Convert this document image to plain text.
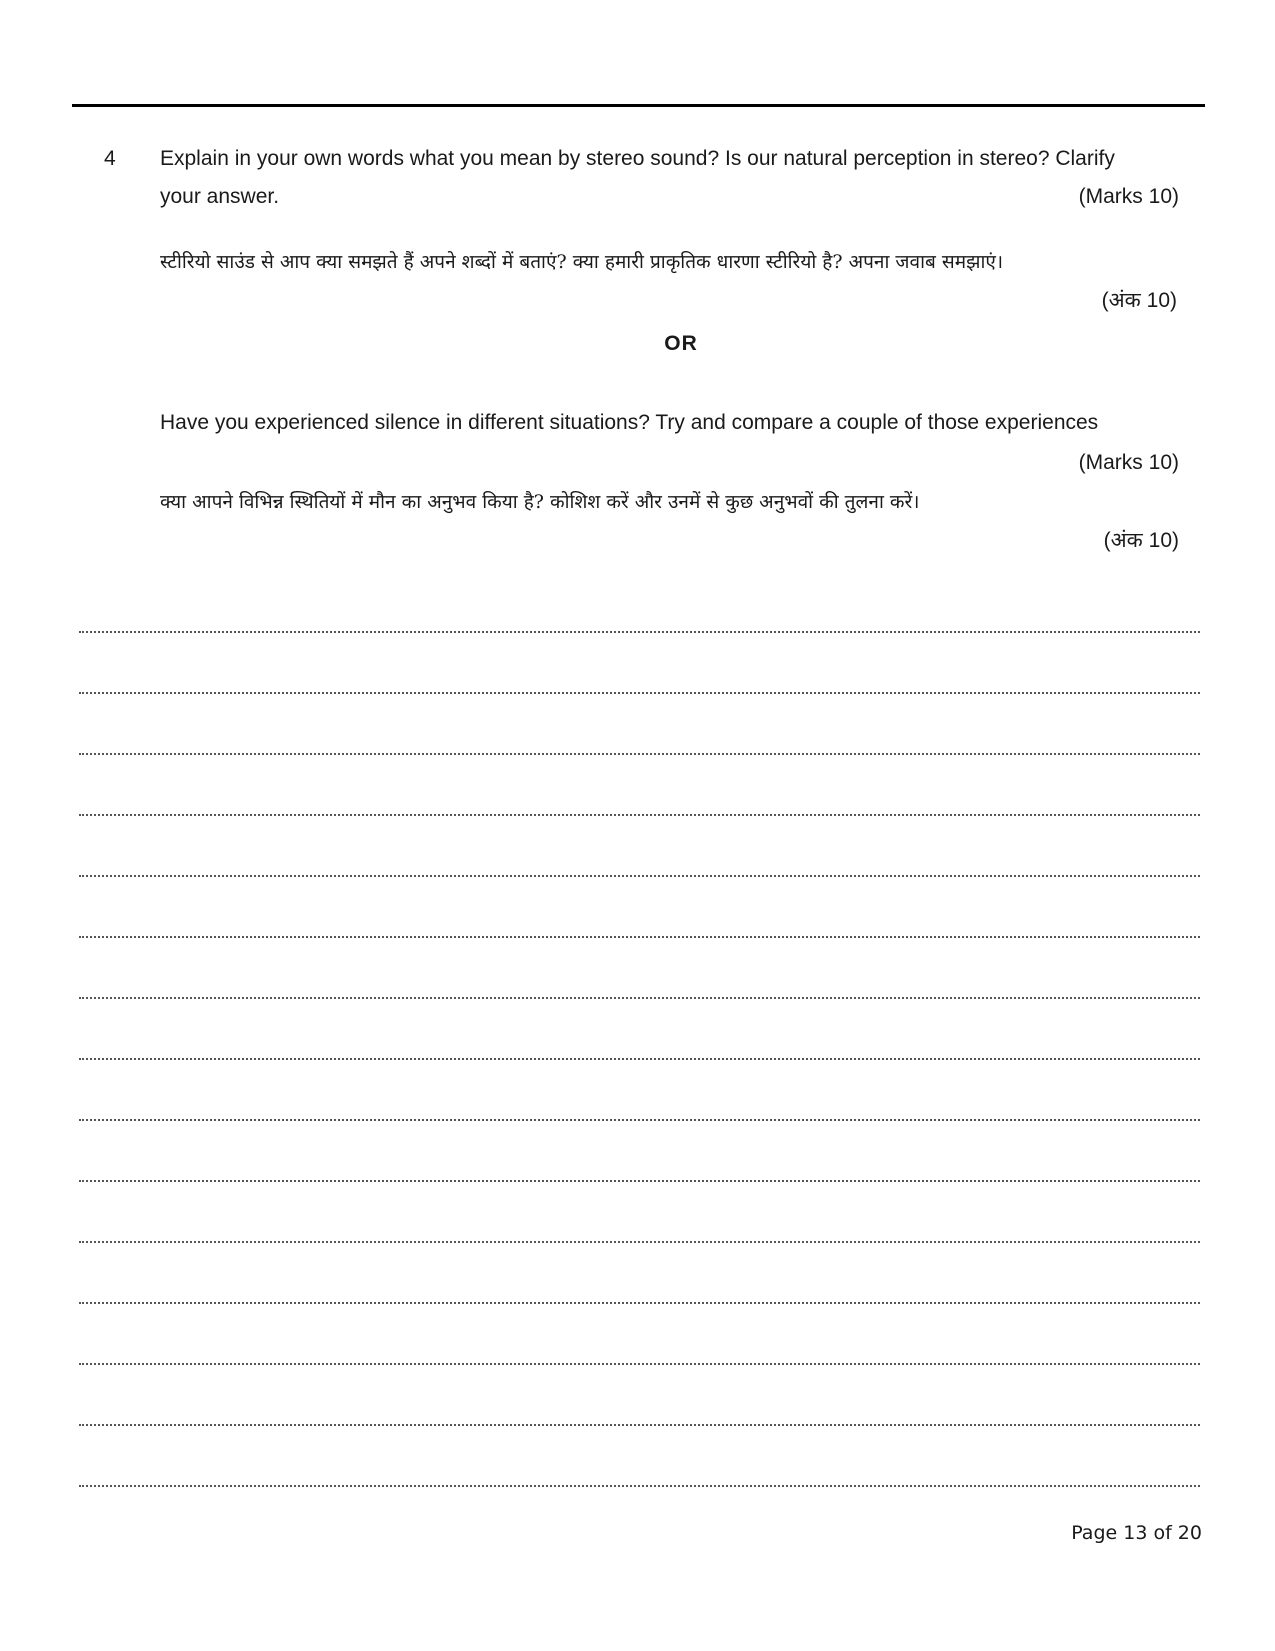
4 Explain in your own words what you mean by stereo sound? Is our natural perception in stereo? Clarify
your answer.	(Marks 10)
स्टीरियो साउंड से आप क्या समझते हैं अपने शब्दों में बताएं? क्या हमारी प्राकृतिक धारणा स्टीरियो है? अपना जवाब समझाएं।
(अंक 10)
OR
Have you experienced silence in different situations? Try and compare a couple of those experiences
(Marks 10)
क्या आपने विभिन्न स्थितियों में मौन का अनुभव किया है? कोशिश करें और उनमें से कुछ अनुभवों की तुलना करें।
(अंक 10)
Page 13 of 20
